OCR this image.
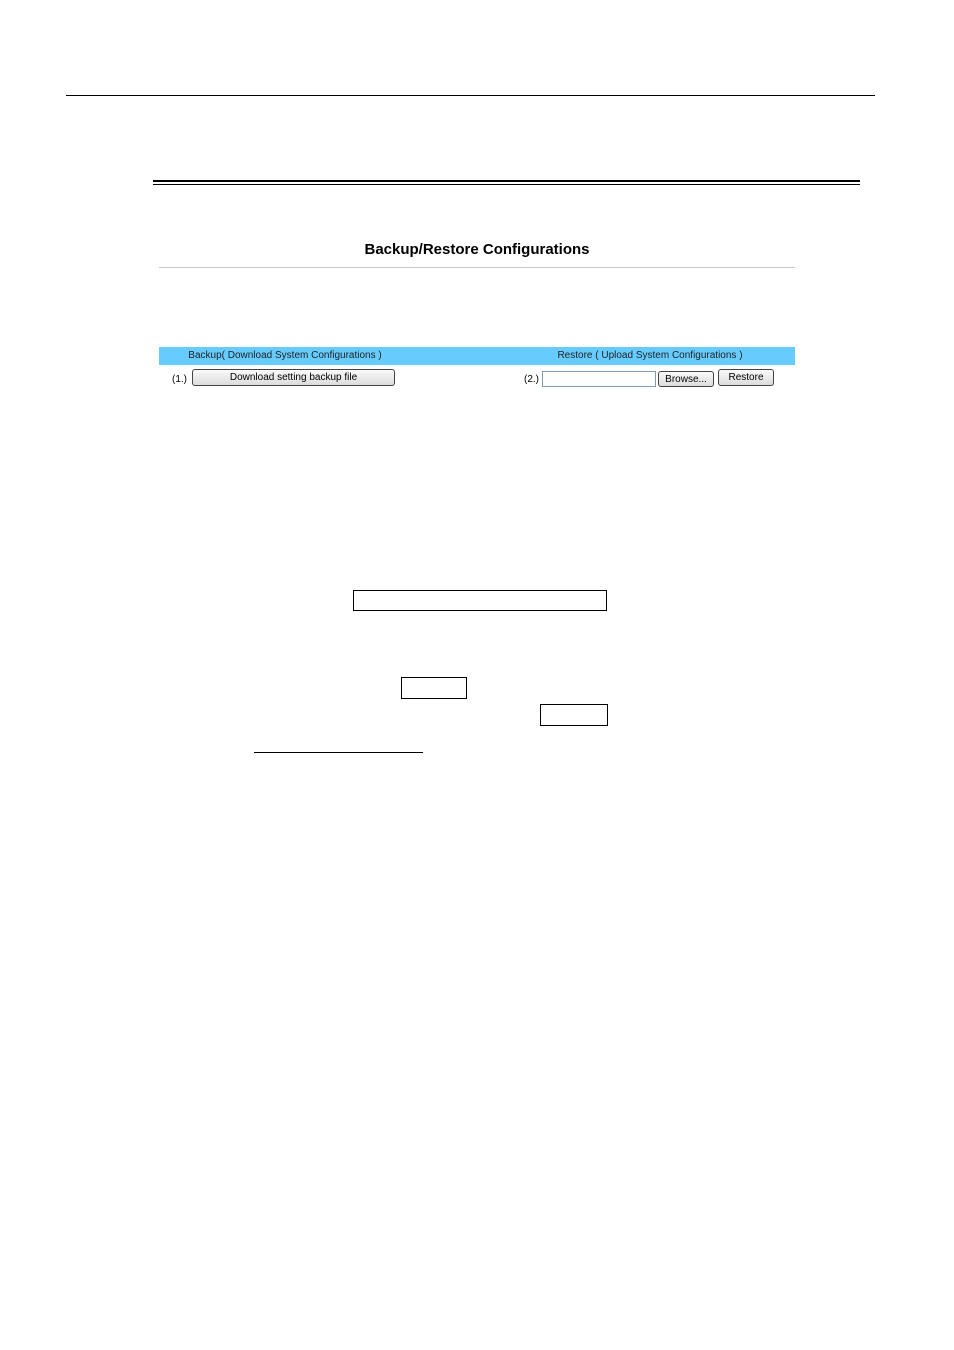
Backup/Restore Configurations
Backup( Download System Configurations )	Restore ( Upload System Configurations )
(1.)	Download setting backup file	(2.)	Browse...	Restore
